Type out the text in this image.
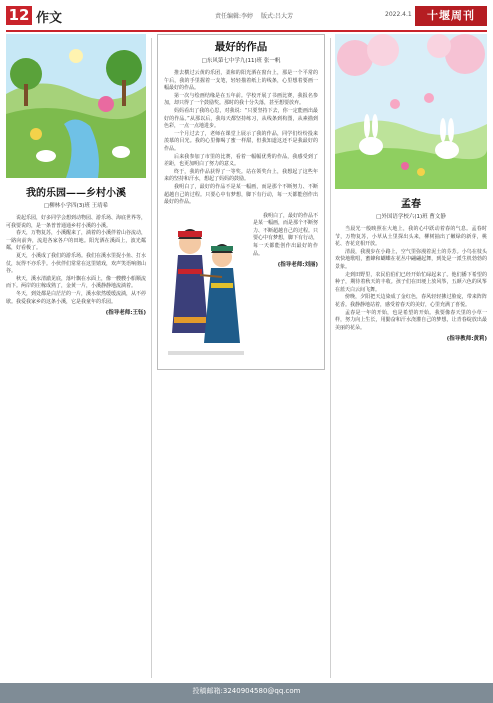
12 作文	责任编辑:李婷 版式:吕大芳	2022.4.1	十堰周刊
我的乐园——乡村小溪
□柳林小学四(3)班 王靖希

说起乐园，好多同学会想到动物园、游乐场、海底世界等，可我要说的，是一条普普通通乡村小溪的小溪。

春天，万物复苏，小溪醒来了，淌着的小溪伴着山谷流动，一路向前奔，流进各家各户的田地。阳光洒在溪面上，波光粼粼，好看极了。

夏天，小溪成了我们的游乐场。我们在溪水里捉小鱼、打水仗，玩得不亦乐乎。小伙伴们常常在这里嬉戏，欢声笑语响彻山谷。

秋天，溪水清澈见底，落叶飘在水面上，像一艘艘小船顺流而下。两岸的庄稼成熟了，金黄一片，小溪静静地流淌着。

冬天，到处都是白茫茫的一片，溪水依然缓缓流淌，从不停歇。我爱我家乡的这条小溪，它是我童年的乐园。

(指导老师:王钰)
最好的作品
□东风第七中学九(11)班 张一帆

推去横过云黄的乐团，柔和的阳光洒在窗台上，那是一个平常的午后，我的手里握着一支笔，轻轻描着纸上的线条，心里想着要画一幅最好的作品。

第一次与绘画结缘是在五年前。学校开展了书画比赛，我报名参加，却只得了一个鼓励奖。那时的我十分失落，甚至想要放弃。

妈妈看出了我的心思，对我说：“只要坚持下去，你一定能画出最好的作品。”从那以后，我每天都坚持练习，从线条到构图，从素描到色彩，一点一点地进步。

一个月过去了，老师在课堂上展示了我的作品，同学们纷纷投来羡慕的目光。我的心里像喝了蜜一样甜，但我知道这还不是我最好的作品。

后来我参加了市里的比赛，看着一幅幅优秀的作品，我感受到了差距，也更加明白了努力的意义。

终于，我的作品获得了一等奖。站在领奖台上，我想起了这些年来的坚持和汗水，想起了妈妈的鼓励。

我明白了，最好的作品不是某一幅画，而是那个不断努力、不断超越自己的过程。只要心中有梦想，脚下有行动，每一天都能创作出最好的作品。

我明白了，最好的作品不是某一幅画，而是那个不断努力、不断超越自己的过程。只要心中有梦想，脚下有行动，每一天都能创作出最好的作品。

(指导老师:刘丽)
孟春
□外国语学校六(1)班 曹文静

当晨光一般映照在大地上，我的心中跃动着春的气息。孟春时节，万物复苏，小草从土里探出头来，柳树抽出了嫩绿的新芽，桃花、杏花竞相开放。

清晨，我漫步在小路上，空气里弥漫着泥土的芬芳。小鸟在枝头欢快地歌唱，蜜蜂和蝴蝶在花丛中翩翩起舞，到处是一派生机勃勃的景象。

走到田野里，农民伯伯们已经开始忙碌起来了。他们播下希望的种子，期待着秋天的丰收。孩子们在田埂上放风筝，五颜六色的风筝在蓝天白云间飞舞。

傍晚，夕阳把天边染成了金红色，春风轻轻拂过脸庞，带来阵阵花香。我静静地站着，感受着春天的美好，心里充满了喜悦。

孟春是一年的开始，也是希望的开始。我要像春天里的小草一样，努力向上生长，用勤奋和汗水浇灌自己的梦想，让青春绽放出最美丽的花朵。

(指导教师:黄莉)
投稿邮箱:3240904580@qq.com
